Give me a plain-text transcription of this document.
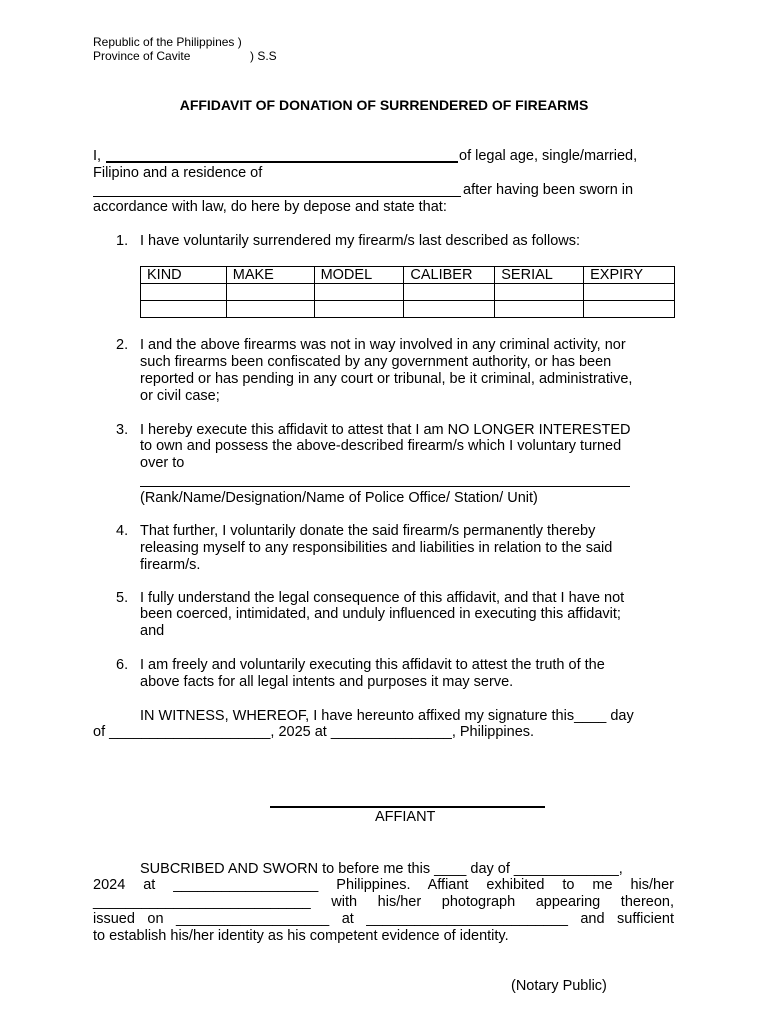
Republic of the Philippines )
Province of Cavite	) S.S
AFFIDAVIT OF DONATION OF SURRENDERED OF FIREARMS
I,	of legal age, single/married,
Filipino and a residence of
after having been sworn in
accordance with law, do here by depose and state that:
1. I have voluntarily surrendered my firearm/s last described as follows:
KIND	MAKE	MODEL	CALIBER	SERIAL	EXPIRY

2. I and the above firearms was not in way involved in any criminal activity, nor
such firearms been confiscated by any government authority, or has been
reported or has pending in any court or tribunal, be it criminal, administrative,
or civil case;
3. I hereby execute this affidavit to attest that I am NO LONGER INTERESTED
to own and possess the above-described firearm/s which I voluntary turned
over to
(Rank/Name/Designation/Name of Police Office/ Station/ Unit)
4. That further, I voluntarily donate the said firearm/s permanently thereby
releasing myself to any responsibilities and liabilities in relation to the said
firearm/s.
5. I fully understand the legal consequence of this affidavit, and that I have not
been coerced, intimidated, and unduly influenced in executing this affidavit;
and
6. I am freely and voluntarily executing this affidavit to attest the truth of the
above facts for all legal intents and purposes it may serve.
IN WITNESS, WHEREOF, I have hereunto affixed my signature this____ day
of ____________________, 2025 at _______________, Philippines.
AFFIANT
SUBCRIBED AND SWORN to before me this ____ day of _____________,
2024 at __________________ Philippines. Affiant exhibited to me his/her
___________________________ with his/her photograph appearing thereon,
issued on ___________________ at _________________________ and sufficient
to establish his/her identity as his competent evidence of identity.
(Notary Public)
